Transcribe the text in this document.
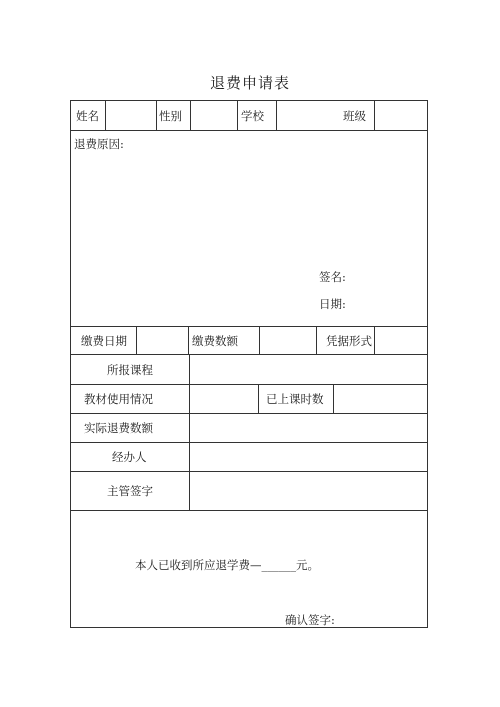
退费申请表
姓名	性别	学校	班级
退费原因:
签名:
日期:
缴费日期	缴费数额	凭据形式
所报课程
教材使用情况	已上课时数
实际退费数额
经办人
主管签字
本人已收到所应退学费—______元。
确认签字:
